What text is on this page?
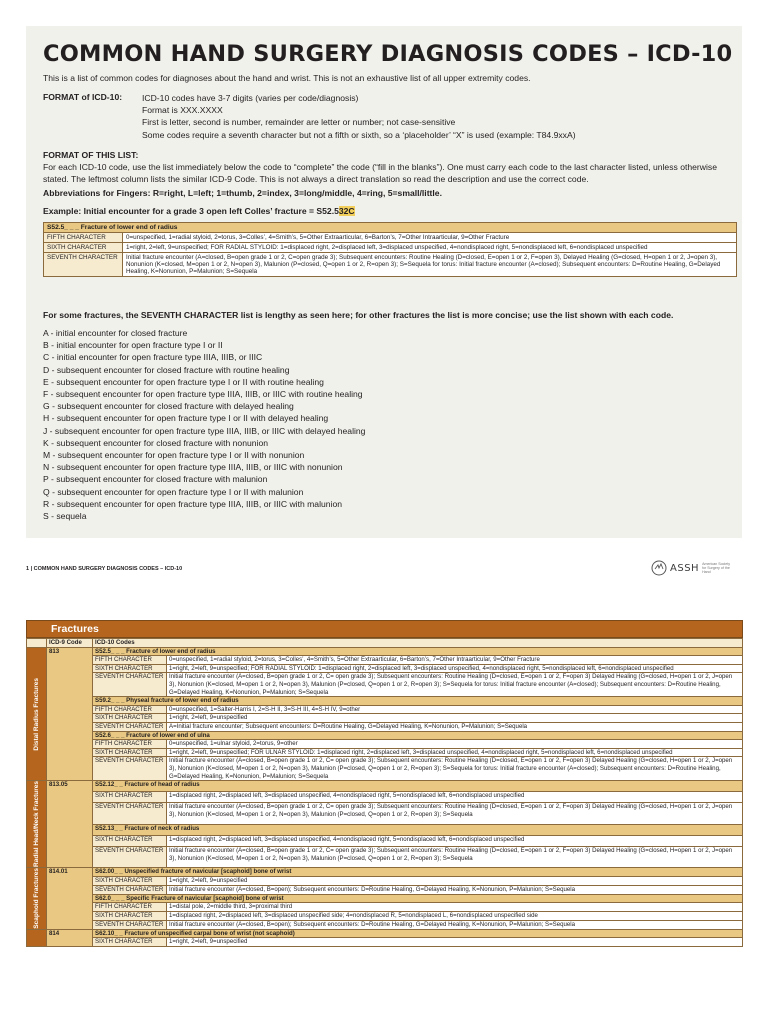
COMMON HAND SURGERY DIAGNOSIS CODES – ICD-10
This is a list of common codes for diagnoses about the hand and wrist. This is not an exhaustive list of all upper extremity codes.
FORMAT of ICD-10: ICD-10 codes have 3-7 digits (varies per code/diagnosis)
Format is XXX.XXXX
First is letter, second is number, remainder are letter or number; not case-sensitive
Some codes require a seventh character but not a fifth or sixth, so a ‘placeholder’ “X” is used (example: T84.9xxA)
FORMAT OF THIS LIST:
For each ICD-10 code, use the list immediately below the code to “complete” the code (“fill in the blanks”). One must carry each code to the last character listed, unless otherwise stated. The leftmost column lists the similar ICD-9 Code. This is not always a direct translation so read the description and use the correct code.
Abbreviations for Fingers: R=right, L=left; 1=thumb, 2=index, 3=long/middle, 4=ring, 5=small/little.
Example: Initial encounter for a grade 3 open left Colles’ fracture = S52.532C
S52.5_ _ _ Fracture of lower end of radius	
FIFTH CHARACTER	0=unspecified, 1=radial styloid, 2=torus, 3=Colles’, 4=Smith’s, 5=Other Extraarticular, 6=Barton’s, 7=Other Intraarticular, 9=Other Fracture
SIXTH CHARACTER	1=right, 2=left, 9=unspecified; FOR RADIAL STYLOID: 1=displaced right, 2=displaced left, 3=displaced unspecified, 4=nondisplaced right, 5=nondisplaced left, 6=nondisplaced unspecified
SEVENTH CHARACTER	Initial fracture encounter (A=closed, B=open grade 1 or 2, C=open grade 3); Subsequent encounters: Routine Healing (D=closed, E=open 1 or 2, F=open 3), Delayed Healing (G=closed, H=open 1 or 2, J=open 3), Nonunion (K=closed, M=open 1 or 2, N=open 3), Malunion (P=closed, Q=open 1 or 2, R=open 3); S=Sequela for torus: Initial fracture encounter (A=closed); Subsequent encounters: D=Routine Healing, G=Delayed Healing, K=Nonunion, P=Malunion; S=Sequela
For some fractures, the SEVENTH CHARACTER list is lengthy as seen here; for other fractures the list is more concise; use the list shown with each code.
A - initial encounter for closed fracture
B - initial encounter for open fracture type I or II
C - initial encounter for open fracture type IIIA, IIIB, or IIIC
D - subsequent encounter for closed fracture with routine healing
E - subsequent encounter for open fracture type I or II with routine healing
F - subsequent encounter for open fracture type IIIA, IIIB, or IIIC with routine healing
G - subsequent encounter for closed fracture with delayed healing
H - subsequent encounter for open fracture type I or II with delayed healing
J - subsequent encounter for open fracture type IIIA, IIIB, or IIIC with delayed healing
K - subsequent encounter for closed fracture with nonunion
M - subsequent encounter for open fracture type I or II with nonunion
N - subsequent encounter for open fracture type IIIA, IIIB, or IIIC with nonunion
P - subsequent encounter for closed fracture with malunion
Q - subsequent encounter for open fracture type I or II with malunion
R - subsequent encounter for open fracture type IIIA, IIIB, or IIIC with malunion
S - sequela
1 | COMMON HAND SURGERY DIAGNOSIS CODES – ICD-10	ASSH American Society for Surgery of the Hand
Fractures
	ICD-9 Code	ICD-10 Codes	

Distal Radius Fractures	813	S52.5_ _ _ Fracture of lower end of radius	
		FIFTH CHARACTER	0=unspecified, 1=radial styloid, 2=torus, 3=Colles’, 4=Smith’s, 5=Other Extraarticular, 6=Barton’s, 7=Other Intraarticular, 9=Other Fracture
		SIXTH CHARACTER	1=right, 2=left, 9=unspecified; FOR RADIAL STYLOID: 1=displaced right, 2=displaced left, 3=displaced unspecified, 4=nondisplaced right, 5=nondisplaced left, 6=nondisplaced unspecified
		SEVENTH CHARACTER	Initial fracture encounter (A=closed, B=open grade 1 or 2, C= open grade 3); Subsequent encounters: Routine Healing (D=closed, E=open 1 or 2, F=open 3) Delayed Healing (G=closed, H=open 1 or 2, J=open 3), Nonunion (K=closed, M=open 1 or 2, N=open 3), Malunion (P=closed, Q=open 1 or 2, R=open 3); S=Sequela for torus: Initial fracture encounter (A=closed); Subsequent encounters: D=Routine Healing, G=Delayed Healing, K=Nonunion, P=Malunion; S=Sequela
		S59.2_ _ _ Physeal fracture of lower end of radius	
		FIFTH CHARACTER	0=unspecified, 1=Salter-Harris I, 2=S-H II, 3=S-H III, 4=S-H IV, 9=other
		SIXTH CHARACTER	1=right, 2=left, 9=unspecified
		SEVENTH CHARACTER	A=Initial fracture encounter; Subsequent encounters: D=Routine Healing, G=Delayed Healing, K=Nonunion, P=Malunion; S=Sequela
		S52.6_ _ _ Fracture of lower end of ulna	
		FIFTH CHARACTER	0=unspecified, 1=ulnar styloid, 2=torus, 9=other
		SIXTH CHARACTER	1=right, 2=left, 9=unspecified; FOR ULNAR STYLOID: 1=displaced right, 2=displaced left, 3=displaced unspecified, 4=nondisplaced right, 5=nondisplaced left, 6=nondisplaced unspecified
		SEVENTH CHARACTER	Initial fracture encounter (A=closed, B=open grade 1 or 2, C= open grade 3); Subsequent encounters: Routine Healing (D=closed, E=open 1 or 2, F=open 3) Delayed Healing (G=closed, H=open 1 or 2, J=open 3), Nonunion (K=closed, M=open 1 or 2, N=open 3), Malunion (P=closed, Q=open 1 or 2, R=open 3); S=Sequela for torus: Initial fracture encounter (A=closed); Subsequent encounters: D=Routine Healing, G=Delayed Healing, K=Nonunion, P=Malunion; S=Sequela

Radial Head/Neck Fractures	813.05	S52.12_ _ Fracture of head of radius	
		SIXTH CHARACTER	1=displaced right, 2=displaced left, 3=displaced unspecified, 4=nondisplaced right, 5=nondisplaced left, 6=nondisplaced unspecified
		SEVENTH CHARACTER	Initial fracture encounter (A=closed, B=open grade 1 or 2, C= open grade 3); Subsequent encounters: Routine Healing (D=closed, E=open 1 or 2, F=open 3) Delayed Healing (G=closed, H=open 1 or 2, J=open 3), Nonunion (K=closed, M=open 1 or 2, N=open 3), Malunion (P=closed, Q=open 1 or 2, R=open 3); S=Sequela
		S52.13_ _ Fracture of neck of radius	
		SIXTH CHARACTER	1=displaced right, 2=displaced left, 3=displaced unspecified, 4=nondisplaced right, 5=nondisplaced left, 6=nondisplaced unspecified
		SEVENTH CHARACTER	Initial fracture encounter (A=closed, B=open grade 1 or 2, C= open grade 3); Subsequent encounters: Routine Healing (D=closed, E=open 1 or 2, F=open 3) Delayed Healing (G=closed, H=open 1 or 2, J=open 3), Nonunion (K=closed, M=open 1 or 2, N=open 3), Malunion (P=closed, Q=open 1 or 2, R=open 3); S=Sequela

Scaphoid Fractures	814.01	S62.00_ _ Unspecified fracture of navicular [scaphoid] bone of wrist	
		SIXTH CHARACTER	1=right, 2=left, 9=unspecified
		SEVENTH CHARACTER	Initial fracture encounter (A=closed, B=open); Subsequent encounters: D=Routine Healing, G=Delayed Healing, K=Nonunion, P=Malunion; S=Sequela
		S62.0_ _ _ Specific Fracture of navicular [scaphoid] bone of wrist	
		FIFTH CHARACTER	1=distal pole, 2=middle third, 3=proximal third
		SIXTH CHARACTER	1=displaced right, 2=displaced left, 3=displaced unspecified side; 4=nondisplaced R, 5=nondisplaced L, 6=nondisplaced unspecified side
		SEVENTH CHARACTER	Initial fracture encounter (A=closed, B=open); Subsequent encounters: D=Routine Healing, G=Delayed Healing, K=Nonunion, P=Malunion; S=Sequela

	814	S62.10_ _ Fracture of unspecified carpal bone of wrist (not scaphoid)	
		SIXTH CHARACTER	1=right, 2=left, 9=unspecified
